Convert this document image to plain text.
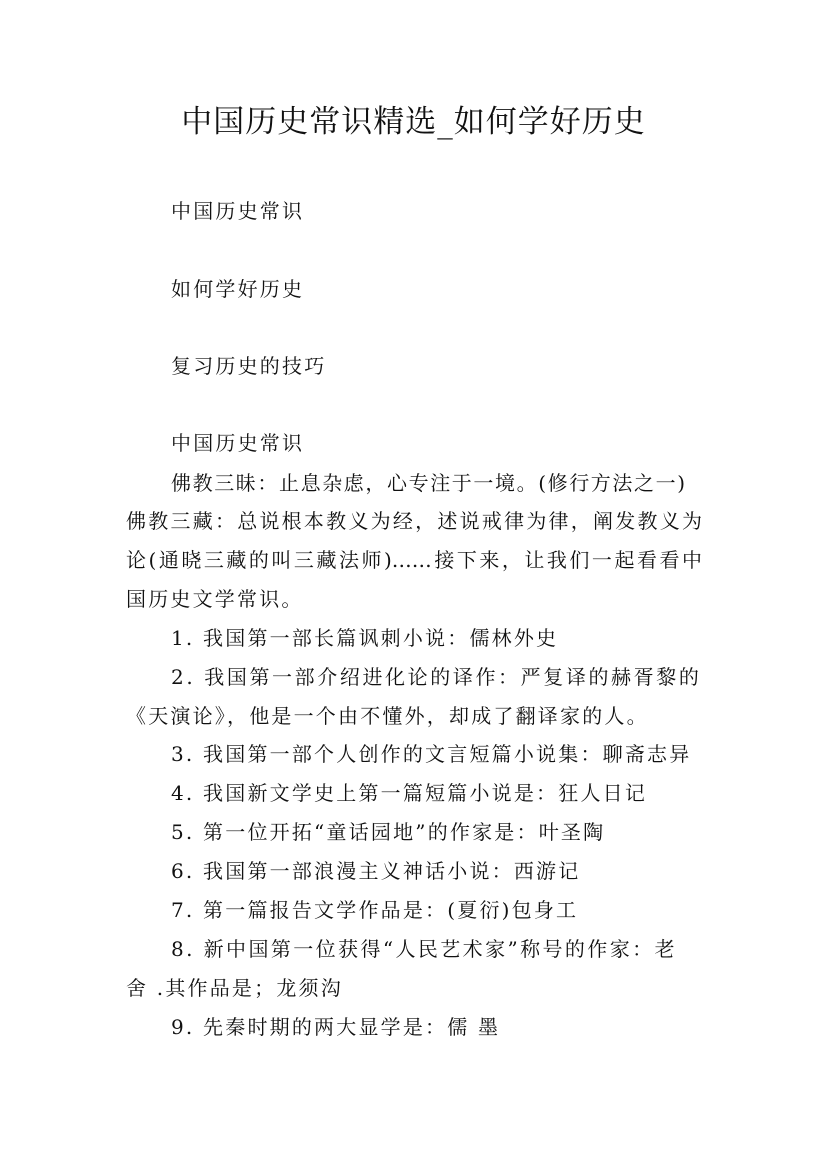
中国历史常识精选_如何学好历史
中国历史常识
如何学好历史
复习历史的技巧
中国历史常识
佛教三昧：止息杂虑，心专注于一境。(修行方法之一)
佛教三藏：总说根本教义为经，述说戒律为律，阐发教义为
论(通晓三藏的叫三藏法师)……接下来，让我们一起看看中
国历史文学常识。
1. 我国第一部长篇讽刺小说：儒林外史
2. 我国第一部介绍进化论的译作：严复译的赫胥黎的
《天演论》，他是一个由不懂外，却成了翻译家的人。
3. 我国第一部个人创作的文言短篇小说集：聊斋志异
4. 我国新文学史上第一篇短篇小说是：狂人日记
5. 第一位开拓“童话园地”的作家是：叶圣陶
6. 我国第一部浪漫主义神话小说：西游记
7. 第一篇报告文学作品是：(夏衍)包身工
8. 新中国第一位获得“人民艺术家”称号的作家：老
舍 .其作品是；龙须沟
9. 先秦时期的两大显学是：儒 墨
